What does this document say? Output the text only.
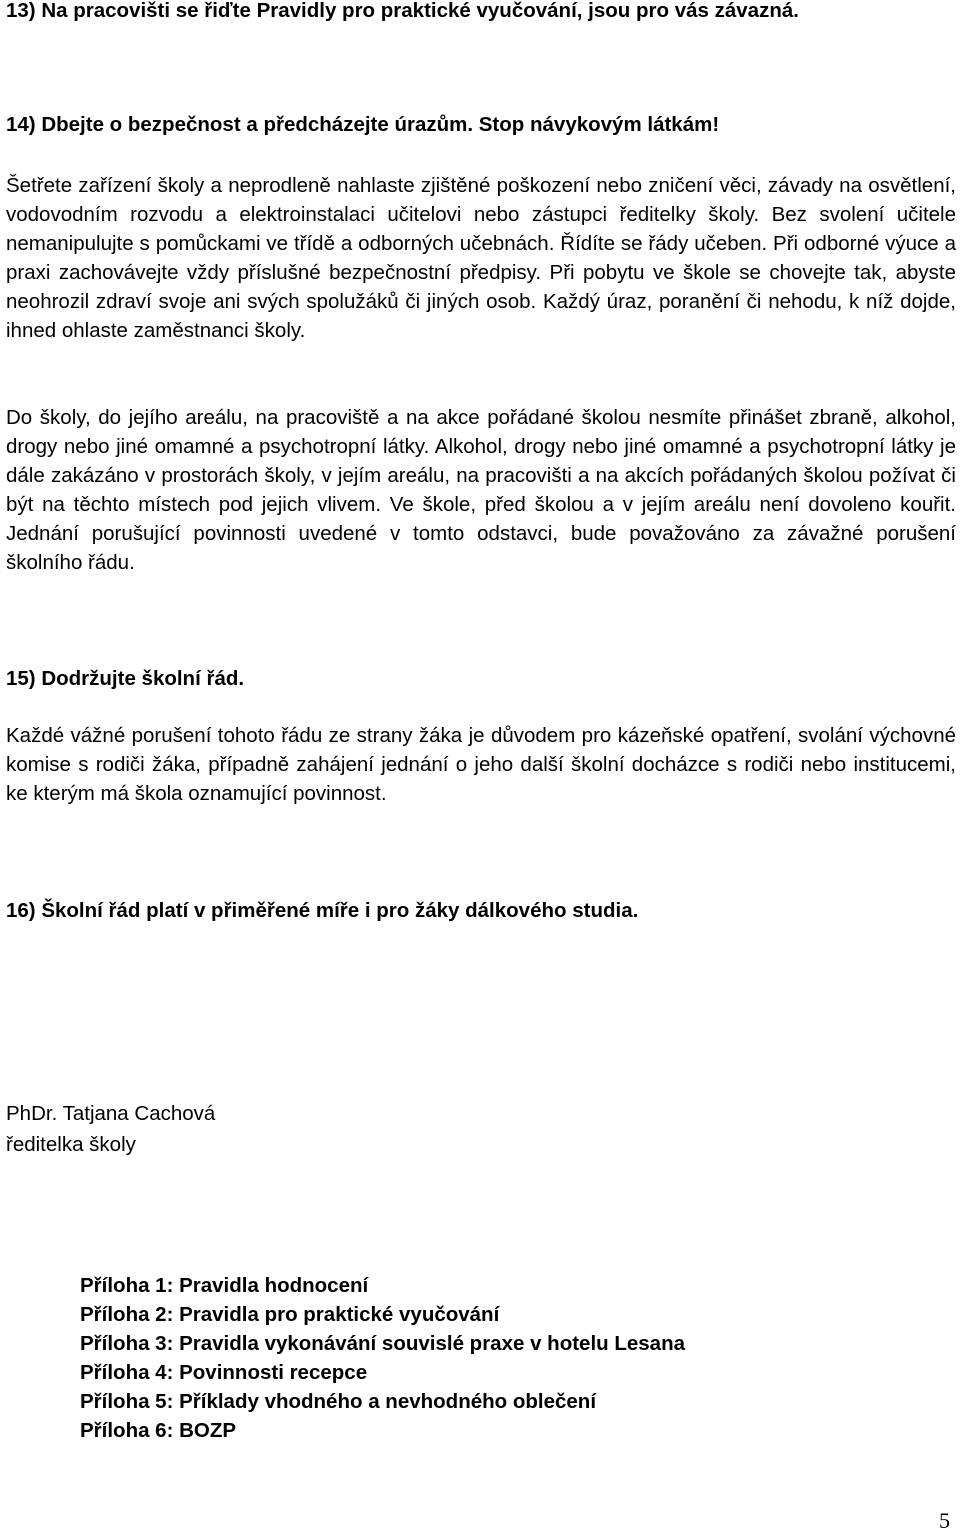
13) Na pracovišti se řiďte Pravidly pro praktické vyučování, jsou pro vás závazná.

14) Dbejte o bezpečnost a předcházejte úrazům. Stop návykovým látkám!

Šetřete zařízení školy a neprodleně nahlaste zjištěné poškození nebo zničení věci, závady na osvětlení, vodovodním rozvodu a elektroinstalaci učitelovi nebo zástupci ředitelky školy. Bez svolení učitele nemanipulujte s pomůckami ve třídě a odborných učebnách. Řídíte se řády učeben. Při odborné výuce a praxi zachovávejte vždy příslušné bezpečnostní předpisy. Při pobytu ve škole se chovejte tak, abyste neohrozil zdraví svoje ani svých spolužáků či jiných osob. Každý úraz, poranění či nehodu, k níž dojde, ihned ohlaste zaměstnanci školy.

Do školy, do jejího areálu, na pracoviště a na akce pořádané školou nesmíte přinášet zbraně, alkohol, drogy nebo jiné omamné a psychotropní látky. Alkohol, drogy nebo jiné omamné a psychotropní látky je dále zakázáno v prostorách školy, v jejím areálu, na pracovišti a na akcích pořádaných školou požívat či být na těchto místech pod jejich vlivem. Ve škole, před školou a v jejím areálu není dovoleno kouřit. Jednání porušující povinnosti uvedené v tomto odstavci, bude považováno za závažné porušení školního řádu.

15) Dodržujte školní řád.

Každé vážné porušení tohoto řádu ze strany žáka je důvodem pro kázeňské opatření, svolání výchovné komise s rodiči žáka, případně zahájení jednání o jeho další školní docházce s rodiči nebo institucemi, ke kterým má škola oznamující povinnost.

16) Školní řád platí v přiměřené míře i pro žáky dálkového studia.

PhDr. Tatjana Cachová
ředitelka školy
Příloha 1: Pravidla hodnocení
Příloha 2: Pravidla pro praktické vyučování
Příloha 3: Pravidla vykonávání souvislé praxe v hotelu Lesana
Příloha 4: Povinnosti recepce
Příloha 5: Příklady vhodného a nevhodného oblečení
Příloha 6: BOZP
5
